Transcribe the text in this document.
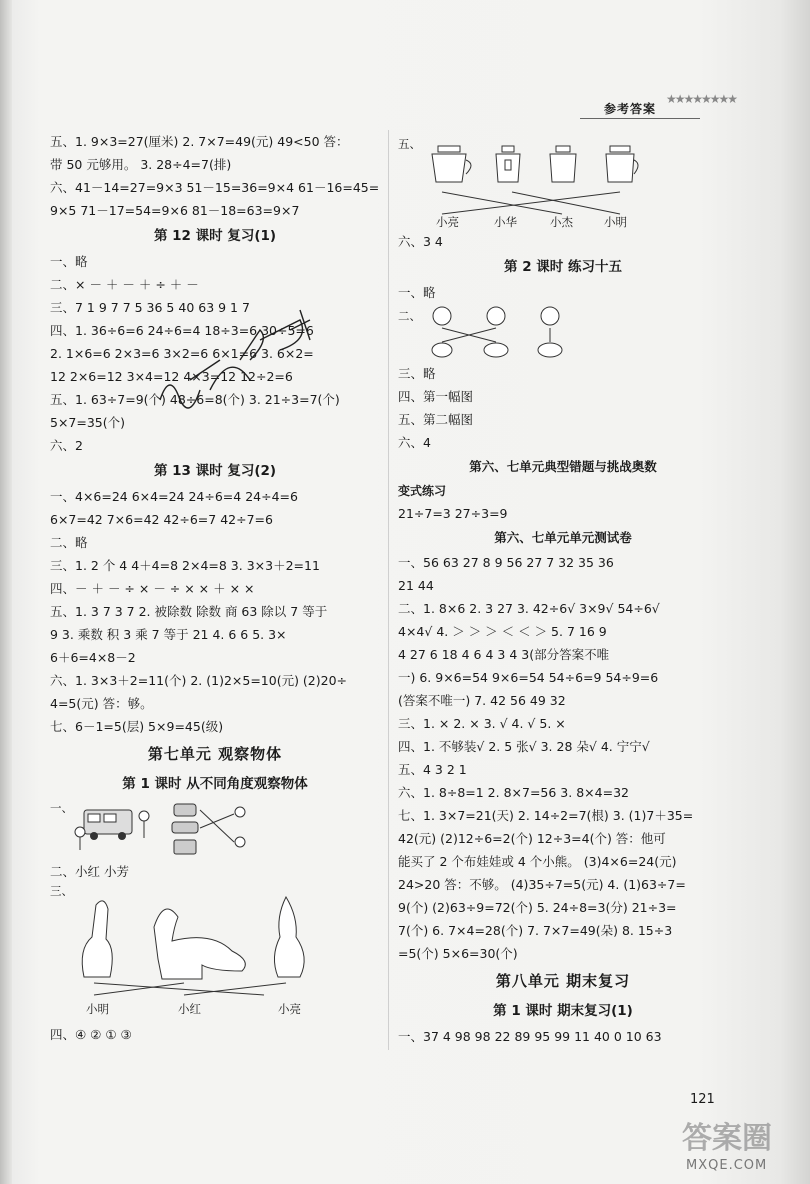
参考答案
★★★★★★★★
五、1. 9×3=27(厘米) 2. 7×7=49(元) 49<50 答：
带 50 元够用。 3. 28÷4=7(排)
六、41－14=27=9×3 51－15=36=9×4 61－16=45=
9×5 71－17=54=9×6 81－18=63=9×7
第 12 课时 复习(1)
一、略
二、× － ＋ － ＋ ÷ ＋ －
三、7 1 9 7 7 5 36 5 40 63 9 1 7
四、1. 36÷6=6 24÷6=4 18÷3=6 30÷5=6
2. 1×6=6 2×3=6 3×2=6 6×1=6 3. 6×2=
12 2×6=12 3×4=12 4×3=12 12÷2=6
五、1. 63÷7=9(个) 48÷6=8(个) 3. 21÷3=7(个)
5×7=35(个)
六、2
第 13 课时 复习(2)
一、4×6=24 6×4=24 24÷6=4 24÷4=6
6×7=42 7×6=42 42÷6=7 42÷7=6
二、略
三、1. 2 个 4 4＋4=8 2×4=8 3. 3×3＋2=11
四、－ ＋ － ÷ × － ÷ × × ＋ × ×
五、1. 3 7 3 7 2. 被除数 除数 商 63 除以 7 等于
9 3. 乘数 积 3 乘 7 等于 21 4. 6 6 5. 3×
6＋6=4×8－2
六、1. 3×3＋2=11(个) 2. (1)2×5=10(元) (2)20÷
4=5(元) 答：够。
七、6－1=5(层) 5×9=45(级)
第七单元 观察物体
第 1 课时 从不同角度观察物体
一、
二、小红 小芳
三、
小明	小红	小亮
四、④ ② ① ③
五、
小亮	小华	小杰	小明
六、3 4
第 2 课时 练习十五
一、略
二、
三、略
四、第一幅图
五、第二幅图
六、4
第六、七单元典型错题与挑战奥数
变式练习
21÷7=3 27÷3=9
第六、七单元单元测试卷
一、56 63 27 8 9 56 27 7 32 35 36
21 44
二、1. 8×6 2. 3 27 3. 42÷6√ 3×9√ 54÷6√
4×4√ 4. ＞ ＞ ＞ ＜ ＜ ＞ 5. 7 16 9
4 27 6 18 4 6 4 3 4 3(部分答案不唯
一) 6. 9×6=54 9×6=54 54÷6=9 54÷9=6
(答案不唯一) 7. 42 56 49 32
三、1. × 2. × 3. √ 4. √ 5. ×
四、1. 不够装√ 2. 5 张√ 3. 28 朵√ 4. 宁宁√
五、4 3 2 1
六、1. 8÷8=1 2. 8×7=56 3. 8×4=32
七、1. 3×7=21(天) 2. 14÷2=7(根) 3. (1)7＋35=
42(元) (2)12÷6=2(个) 12÷3=4(个) 答：他可
能买了 2 个布娃娃或 4 个小熊。 (3)4×6=24(元)
24>20 答：不够。 (4)35÷7=5(元) 4. (1)63÷7=
9(个) (2)63÷9=72(个) 5. 24÷8=3(分) 21÷3=
7(个) 6. 7×4=28(个) 7. 7×7=49(朵) 8. 15÷3
=5(个) 5×6=30(个)
第八单元 期末复习
第 1 课时 期末复习(1)
一、37 4 98 98 22 89 95 99 11 40 0 10 63
121
答案圈
MXQE.COM
